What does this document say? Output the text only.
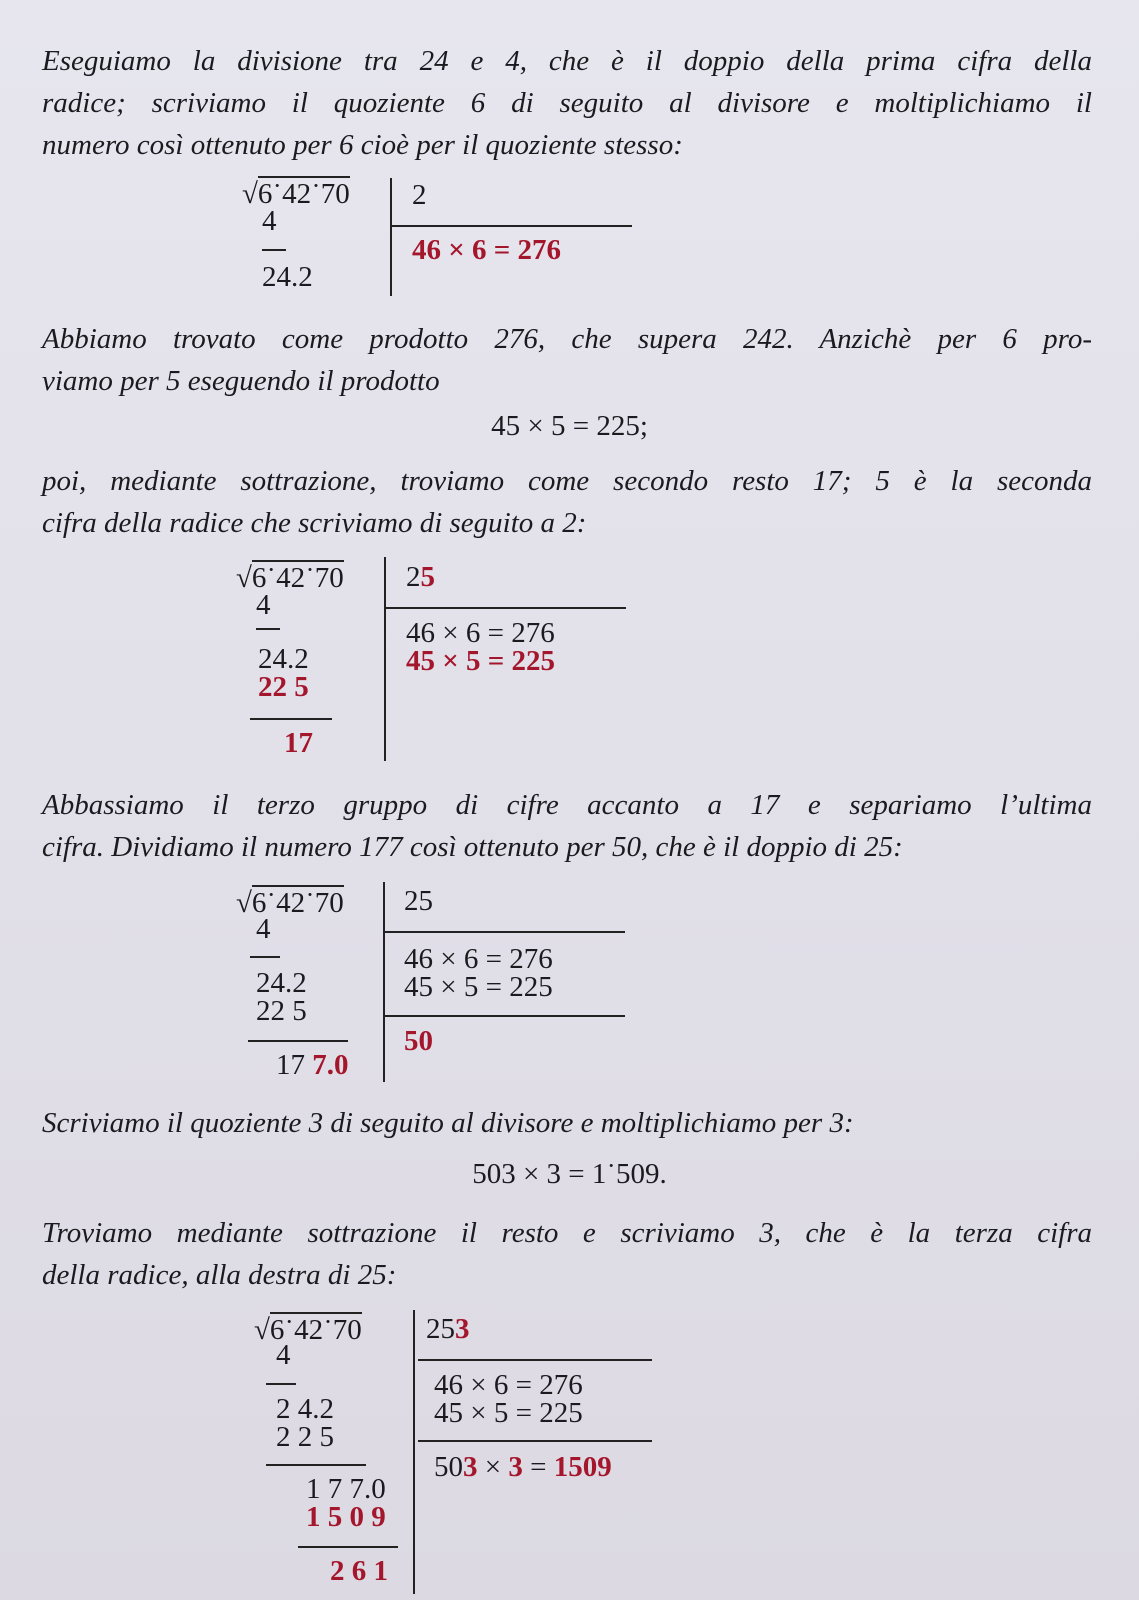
Eseguiamo la divisione tra 24 e 4, che è il doppio della prima cifra della
radice; scriviamo il quoziente 6 di seguito al divisore e moltiplichiamo il
numero così ottenuto per 6 cioè per il quoziente stesso:
√6˙42˙70
4
24.2
2
46 × 6 = 276
Abbiamo trovato come prodotto 276, che supera 242. Anzichè per 6 pro-
viamo per 5 eseguendo il prodotto
45 × 5 = 225;
poi, mediante sottrazione, troviamo come secondo resto 17; 5 è la seconda
cifra della radice che scriviamo di seguito a 2:
√6˙42˙70
4
24.2
22 5
17
25
46 × 6 = 276
45 × 5 = 225
Abbassiamo il terzo gruppo di cifre accanto a 17 e separiamo l’ultima
cifra. Dividiamo il numero 177 così ottenuto per 50, che è il doppio di 25:
√6˙42˙70
4
24.2
22 5
17 7.0
25
46 × 6 = 276
45 × 5 = 225
50
Scriviamo il quoziente 3 di seguito al divisore e moltiplichiamo per 3:
503 × 3 = 1˙509.
Troviamo mediante sottrazione il resto e scriviamo 3, che è la terza cifra
della radice, alla destra di 25:
√6˙42˙70
4
2 4.2
2 2 5
1 7 7.0
1 5 0 9
2 6 1
253
46 × 6 = 276
45 × 5 = 225
503 × 3 = 1509
